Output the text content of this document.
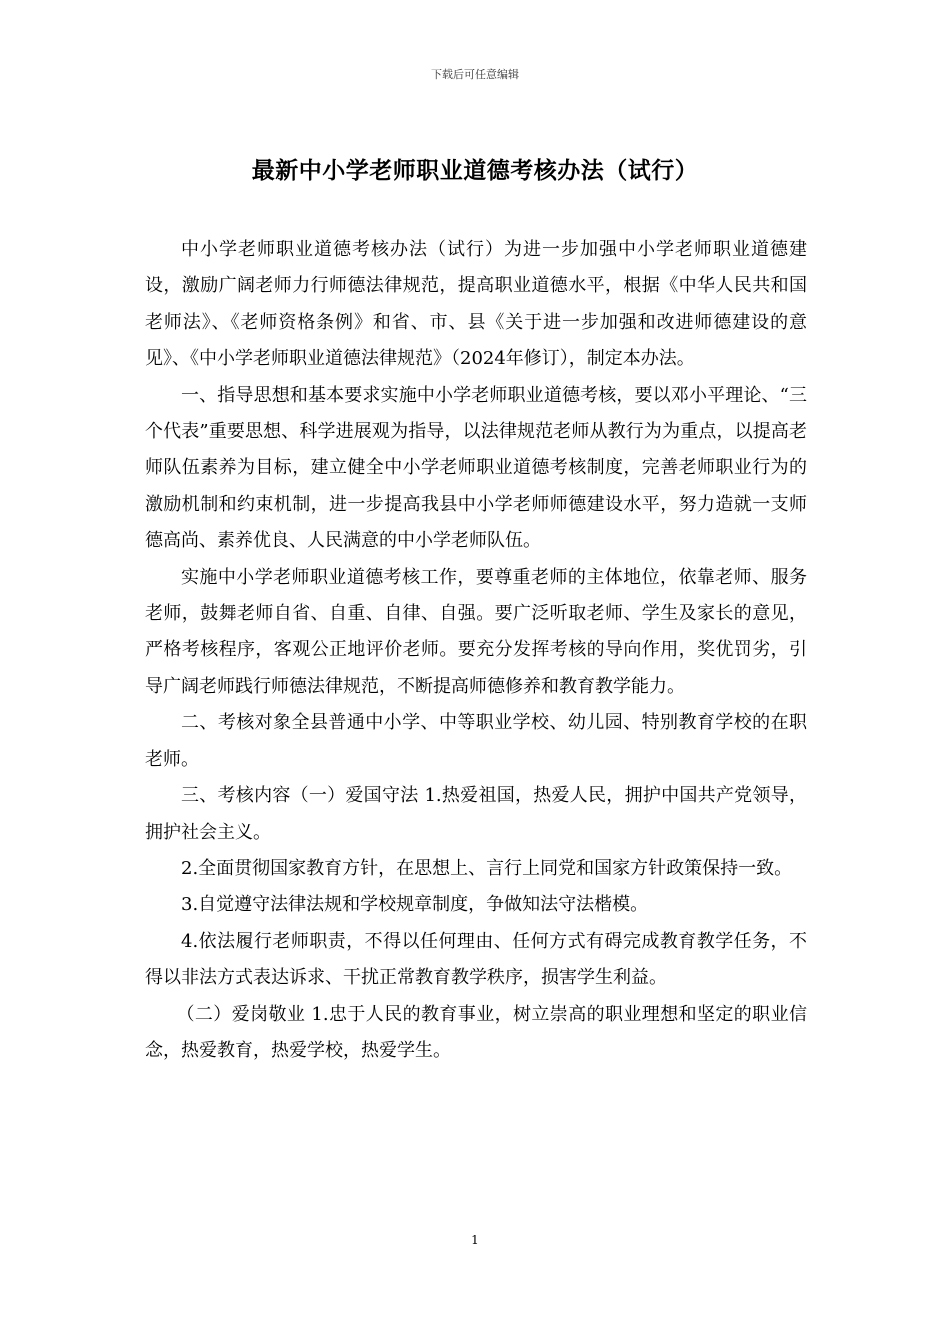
下载后可任意编辑
最新中小学老师职业道德考核办法（试行）

中小学老师职业道德考核办法（试行）为进一步加强中小学老师职业道德建设，激励广阔老师力行师德法律规范，提高职业道德水平，根据《中华人民共和国老师法》、《老师资格条例》和省、市、县《关于进一步加强和改进师德建设的意见》、《中小学老师职业道德法律规范》（2024年修订），制定本办法。

一、指导思想和基本要求实施中小学老师职业道德考核，要以邓小平理论、“三个代表”重要思想、科学进展观为指导，以法律规范老师从教行为为重点，以提高老师队伍素养为目标，建立健全中小学老师职业道德考核制度，完善老师职业行为的激励机制和约束机制，进一步提高我县中小学老师师德建设水平，努力造就一支师德高尚、素养优良、人民满意的中小学老师队伍。

实施中小学老师职业道德考核工作，要尊重老师的主体地位，依靠老师、服务老师，鼓舞老师自省、自重、自律、自强。要广泛听取老师、学生及家长的意见，严格考核程序，客观公正地评价老师。要充分发挥考核的导向作用，奖优罚劣，引导广阔老师践行师德法律规范，不断提高师德修养和教育教学能力。

二、考核对象全县普通中小学、中等职业学校、幼儿园、特别教育学校的在职老师。

三、考核内容（一）爱国守法 1.热爱祖国，热爱人民，拥护中国共产党领导，拥护社会主义。

2.全面贯彻国家教育方针，在思想上、言行上同党和国家方针政策保持一致。

3.自觉遵守法律法规和学校规章制度，争做知法守法楷模。

4.依法履行老师职责，不得以任何理由、任何方式有碍完成教育教学任务，不得以非法方式表达诉求、干扰正常教育教学秩序，损害学生利益。

（二）爱岗敬业 1.忠于人民的教育事业，树立崇高的职业理想和坚定的职业信念，热爱教育，热爱学校，热爱学生。

1
